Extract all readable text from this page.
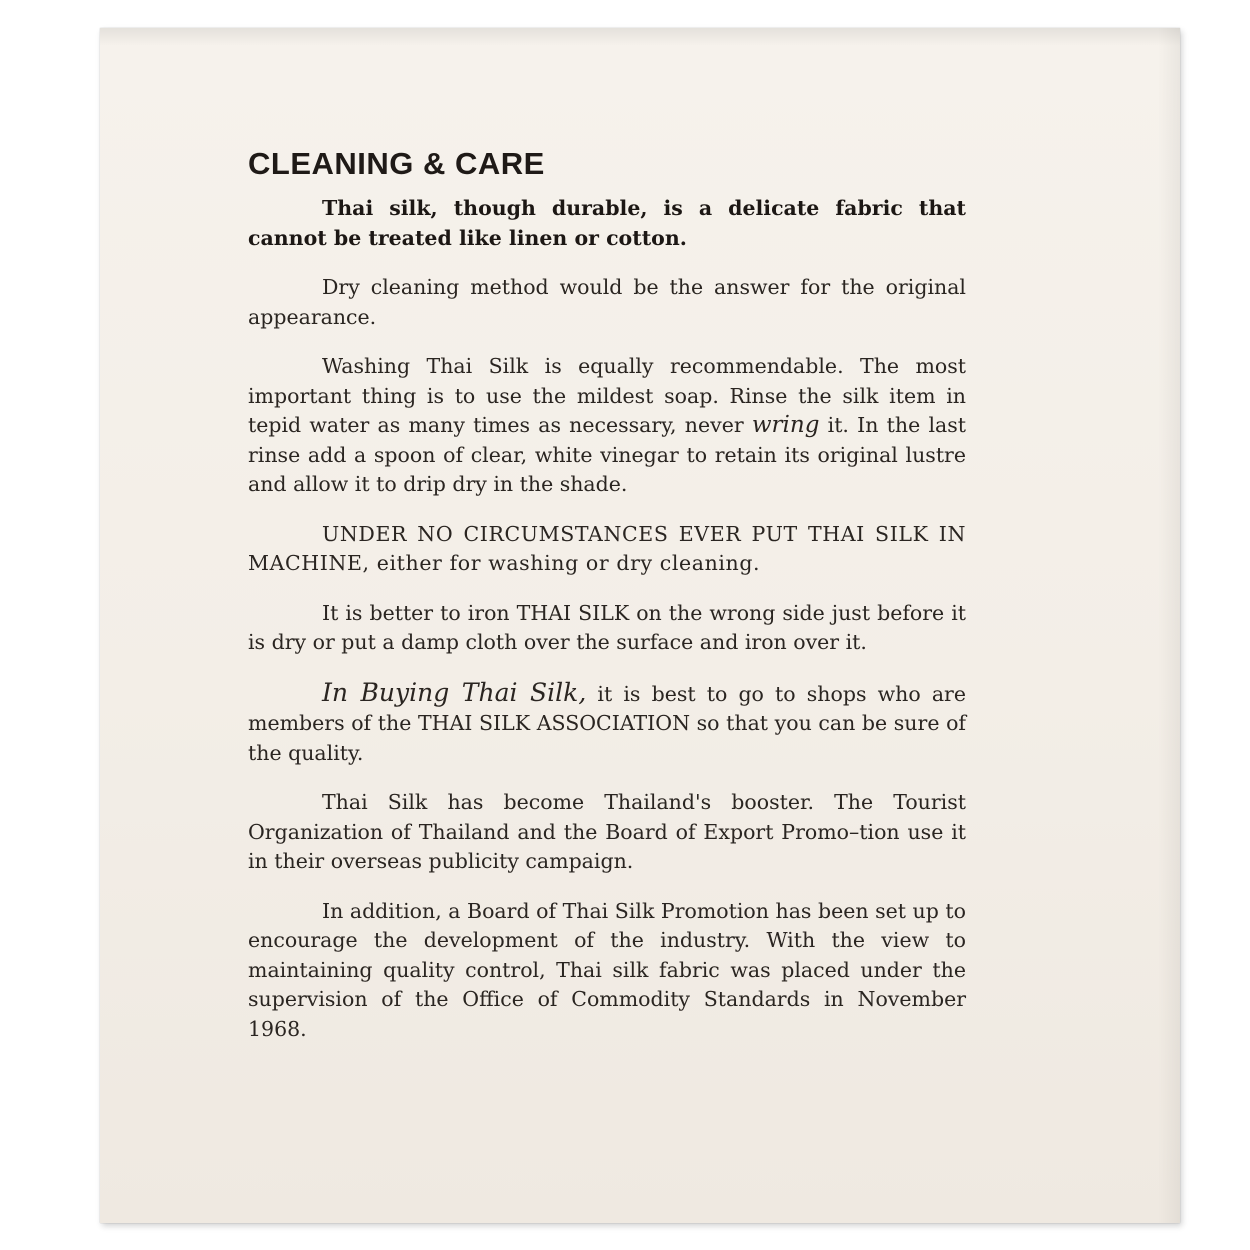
CLEANING & CARE

Thai silk, though durable, is a delicate fabric that cannot be treated like linen or cotton.

Dry cleaning method would be the answer for the original appearance.

Washing Thai Silk is equally recommendable. The most important thing is to use the mildest soap. Rinse the silk item in tepid water as many times as necessary, never wring it. In the last rinse add a spoon of clear, white vinegar to retain its original lustre and allow it to drip dry in the shade.

UNDER NO CIRCUMSTANCES EVER PUT THAI SILK IN MACHINE, either for washing or dry cleaning.

It is better to iron THAI SILK on the wrong side just before it is dry or put a damp cloth over the surface and iron over it.

In Buying Thai Silk, it is best to go to shops who are members of the THAI SILK ASSOCIATION so that you can be sure of the quality.

Thai Silk has become Thailand's booster. The Tourist Organization of Thailand and the Board of Export Promo–tion use it in their overseas publicity campaign.

In addition, a Board of Thai Silk Promotion has been set up to encourage the development of the industry. With the view to maintaining quality control, Thai silk fabric was placed under the supervision of the Office of Commodity Standards in November 1968.
